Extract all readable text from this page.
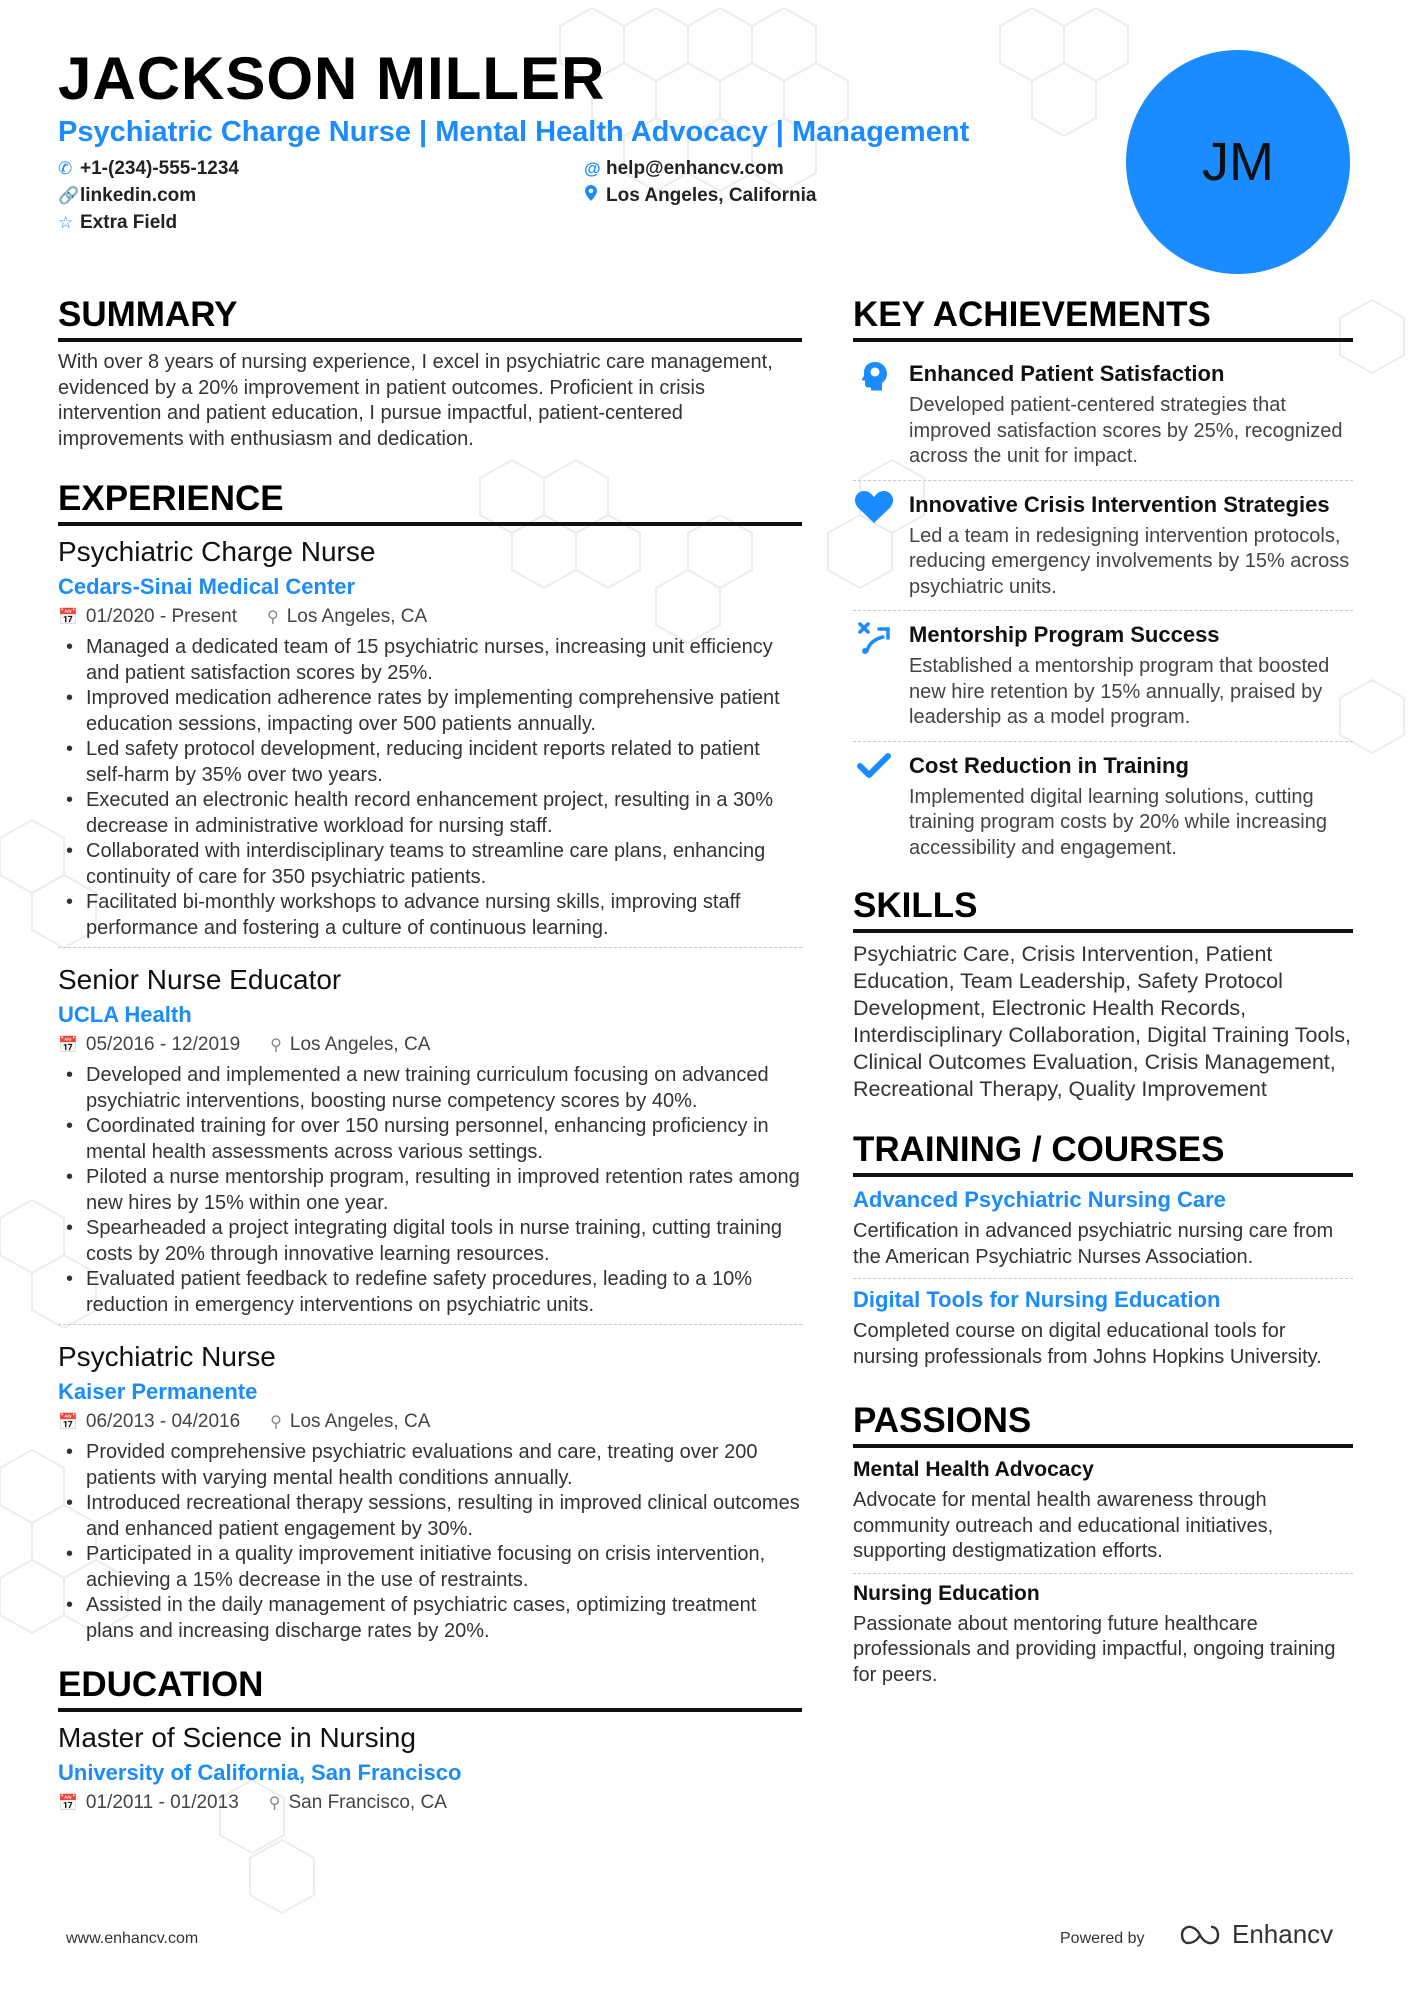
JACKSON MILLER
Psychiatric Charge Nurse | Mental Health Advocacy | Management
✆ +1-(234)-555-1234	@ help@enhancv.com
🔗 linkedin.com	Los Angeles, California
☆ Extra Field
JM
SUMMARY

With over 8 years of nursing experience, I excel in psychiatric care management, evidenced by a 20% improvement in patient outcomes. Proficient in crisis intervention and patient education, I pursue impactful, patient-centered improvements with enthusiasm and dedication.

EXPERIENCE
Psychiatric Charge Nurse
Cedars-Sinai Medical Center
📅 01/2020 - Present ⚲ Los Angeles, CA
• Managed a dedicated team of 15 psychiatric nurses, increasing unit efficiency and patient satisfaction scores by 25%.
• Improved medication adherence rates by implementing comprehensive patient education sessions, impacting over 500 patients annually.
• Led safety protocol development, reducing incident reports related to patient self-harm by 35% over two years.
• Executed an electronic health record enhancement project, resulting in a 30% decrease in administrative workload for nursing staff.
• Collaborated with interdisciplinary teams to streamline care plans, enhancing continuity of care for 350 psychiatric patients.
• Facilitated bi-monthly workshops to advance nursing skills, improving staff performance and fostering a culture of continuous learning.
Senior Nurse Educator
UCLA Health
📅 05/2016 - 12/2019 ⚲ Los Angeles, CA
• Developed and implemented a new training curriculum focusing on advanced psychiatric interventions, boosting nurse competency scores by 40%.
• Coordinated training for over 150 nursing personnel, enhancing proficiency in mental health assessments across various settings.
• Piloted a nurse mentorship program, resulting in improved retention rates among new hires by 15% within one year.
• Spearheaded a project integrating digital tools in nurse training, cutting training costs by 20% through innovative learning resources.
• Evaluated patient feedback to redefine safety procedures, leading to a 10% reduction in emergency interventions on psychiatric units.
Psychiatric Nurse
Kaiser Permanente
📅 06/2013 - 04/2016 ⚲ Los Angeles, CA
• Provided comprehensive psychiatric evaluations and care, treating over 200 patients with varying mental health conditions annually.
• Introduced recreational therapy sessions, resulting in improved clinical outcomes and enhanced patient engagement by 30%.
• Participated in a quality improvement initiative focusing on crisis intervention, achieving a 15% decrease in the use of restraints.
• Assisted in the daily management of psychiatric cases, optimizing treatment plans and increasing discharge rates by 20%.
EDUCATION
Master of Science in Nursing
University of California, San Francisco
📅 01/2011 - 01/2013 ⚲ San Francisco, CA
KEY ACHIEVEMENTS
Enhanced Patient Satisfaction

Developed patient-centered strategies that improved satisfaction scores by 25%, recognized across the unit for impact.

Innovative Crisis Intervention Strategies

Led a team in redesigning intervention protocols, reducing emergency involvements by 15% across psychiatric units.

Mentorship Program Success

Established a mentorship program that boosted new hire retention by 15% annually, praised by leadership as a model program.

Cost Reduction in Training

Implemented digital learning solutions, cutting training program costs by 20% while increasing accessibility and engagement.

SKILLS

Psychiatric Care, Crisis Intervention, Patient Education, Team Leadership, Safety Protocol Development, Electronic Health Records, Interdisciplinary Collaboration, Digital Training Tools, Clinical Outcomes Evaluation, Crisis Management, Recreational Therapy, Quality Improvement

TRAINING / COURSES
Advanced Psychiatric Nursing Care

Certification in advanced psychiatric nursing care from the American Psychiatric Nurses Association.

Digital Tools for Nursing Education

Completed course on digital educational tools for nursing professionals from Johns Hopkins University.

PASSIONS
Mental Health Advocacy

Advocate for mental health awareness through community outreach and educational initiatives, supporting destigmatization efforts.

Nursing Education

Passionate about mentoring future healthcare professionals and providing impactful, ongoing training for peers.

www.enhancv.com	Powered by	Enhancv
